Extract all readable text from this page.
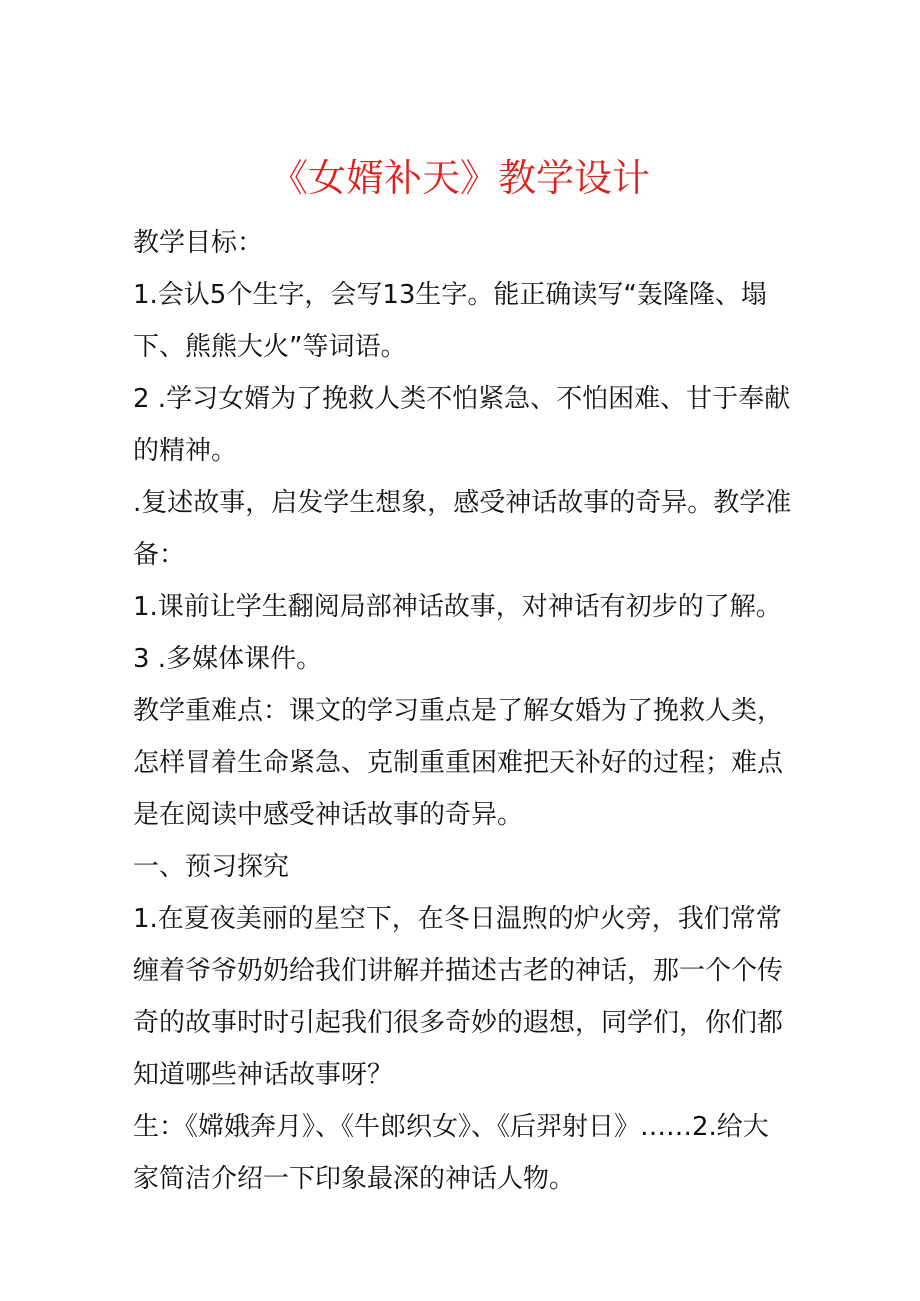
《女婿补天》教学设计

教学目标：

1.会认5个生字，会写13生字。能正确读写“轰隆隆、塌下、熊熊大火”等词语。

2 .学习女婿为了挽救人类不怕紧急、不怕困难、甘于奉献的精神。

.复述故事，启发学生想象，感受神话故事的奇异。教学准备：

1.课前让学生翻阅局部神话故事，对神话有初步的了解。

3 .多媒体课件。

教学重难点：课文的学习重点是了解女婚为了挽救人类，怎样冒着生命紧急、克制重重困难把天补好的过程；难点是在阅读中感受神话故事的奇异。

一、预习探究

1.在夏夜美丽的星空下，在冬日温煦的炉火旁，我们常常缠着爷爷奶奶给我们讲解并描述古老的神话，那一个个传奇的故事时时引起我们很多奇妙的遐想，同学们，你们都知道哪些神话故事呀？

生：《嫦娥奔月》、《牛郎织女》、《后羿射日》……2.给大家简洁介绍一下印象最深的神话人物。
